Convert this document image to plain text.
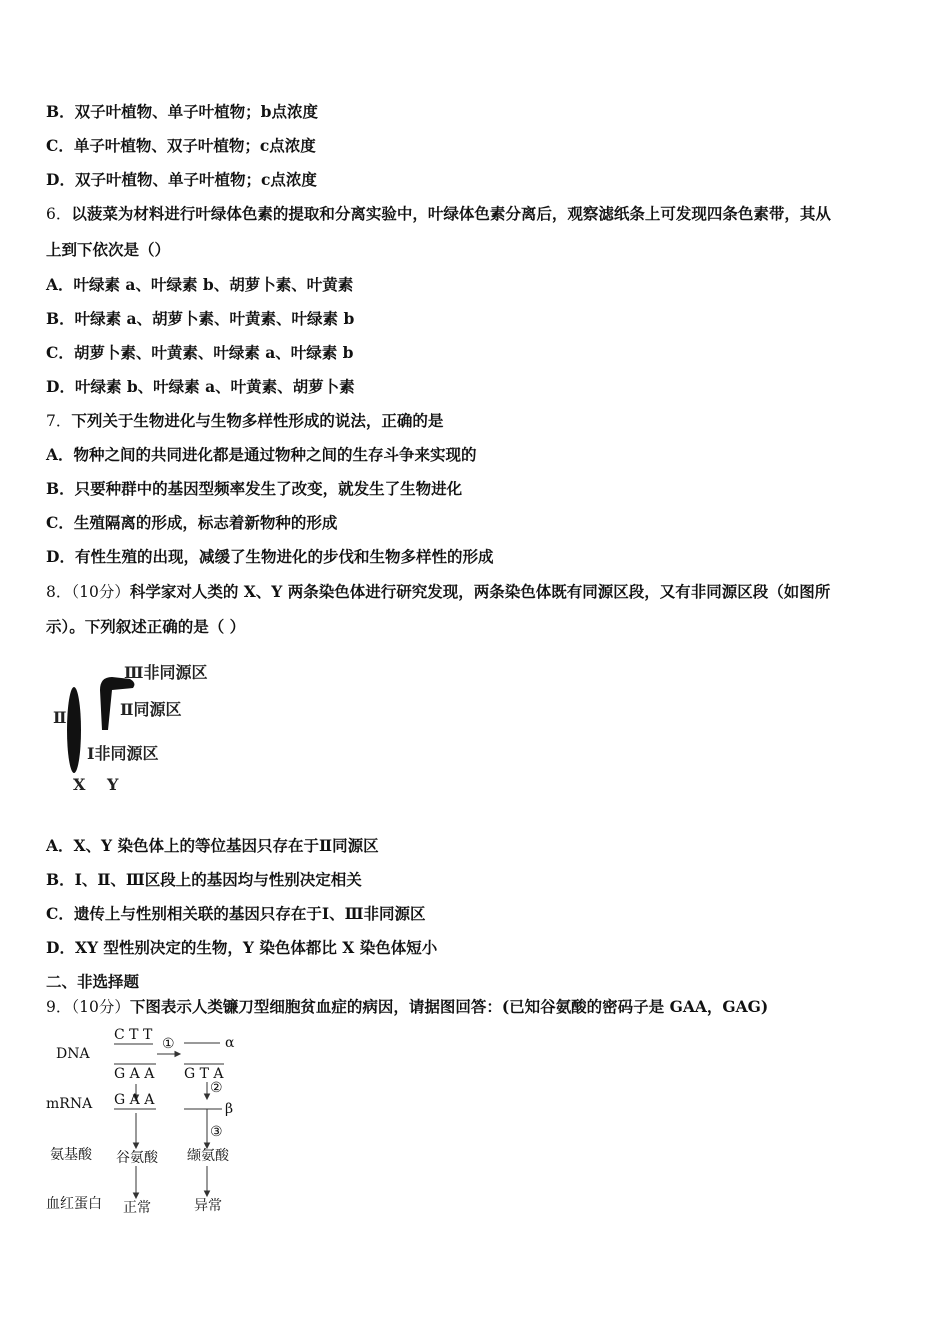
B．双子叶植物、单子叶植物；b点浓度
C．单子叶植物、双子叶植物；c点浓度
D．双子叶植物、单子叶植物；c点浓度
6．以菠菜为材料进行叶绿体色素的提取和分离实验中，叶绿体色素分离后，观察滤纸条上可发现四条色素带，其从
上到下依次是（）
A．叶绿素 a、叶绿素 b、胡萝卜素、叶黄素
B．叶绿素 a、胡萝卜素、叶黄素、叶绿素 b
C．胡萝卜素、叶黄素、叶绿素 a、叶绿素 b
D．叶绿素 b、叶绿素 a、叶黄素、胡萝卜素
7．下列关于生物进化与生物多样性形成的说法，正确的是
A．物种之间的共同进化都是通过物种之间的生存斗争来实现的
B．只要种群中的基因型频率发生了改变，就发生了生物进化
C．生殖隔离的形成，标志着新物种的形成
D．有性生殖的出现，减缓了生物进化的步伐和生物多样性的形成
8．（10分）科学家对人类的 X、Y 两条染色体进行研究发现，两条染色体既有同源区段，又有非同源区段（如图所
示）。下列叙述正确的是（ ）
Ⅲ非同源区
Ⅱ同源区
Ⅱ
Ⅰ非同源区
X Y
A．X、Y 染色体上的等位基因只存在于Ⅱ同源区
B．Ⅰ、Ⅱ、Ⅲ区段上的基因均与性别决定相关
C．遗传上与性别相关联的基因只存在于Ⅰ、Ⅲ非同源区
D．XY 型性别决定的生物，Y 染色体都比 X 染色体短小
二、非选择题
9．（10分）下图表示人类镰刀型细胞贫血症的病因，请据图回答：(已知谷氨酸的密码子是 GAA，GAG)
DNA
mRNA
氨基酸
血红蛋白
C T T
G A A G T A
G A A
①
②
③
α
β
谷氨酸 缬氨酸
正常	异常
